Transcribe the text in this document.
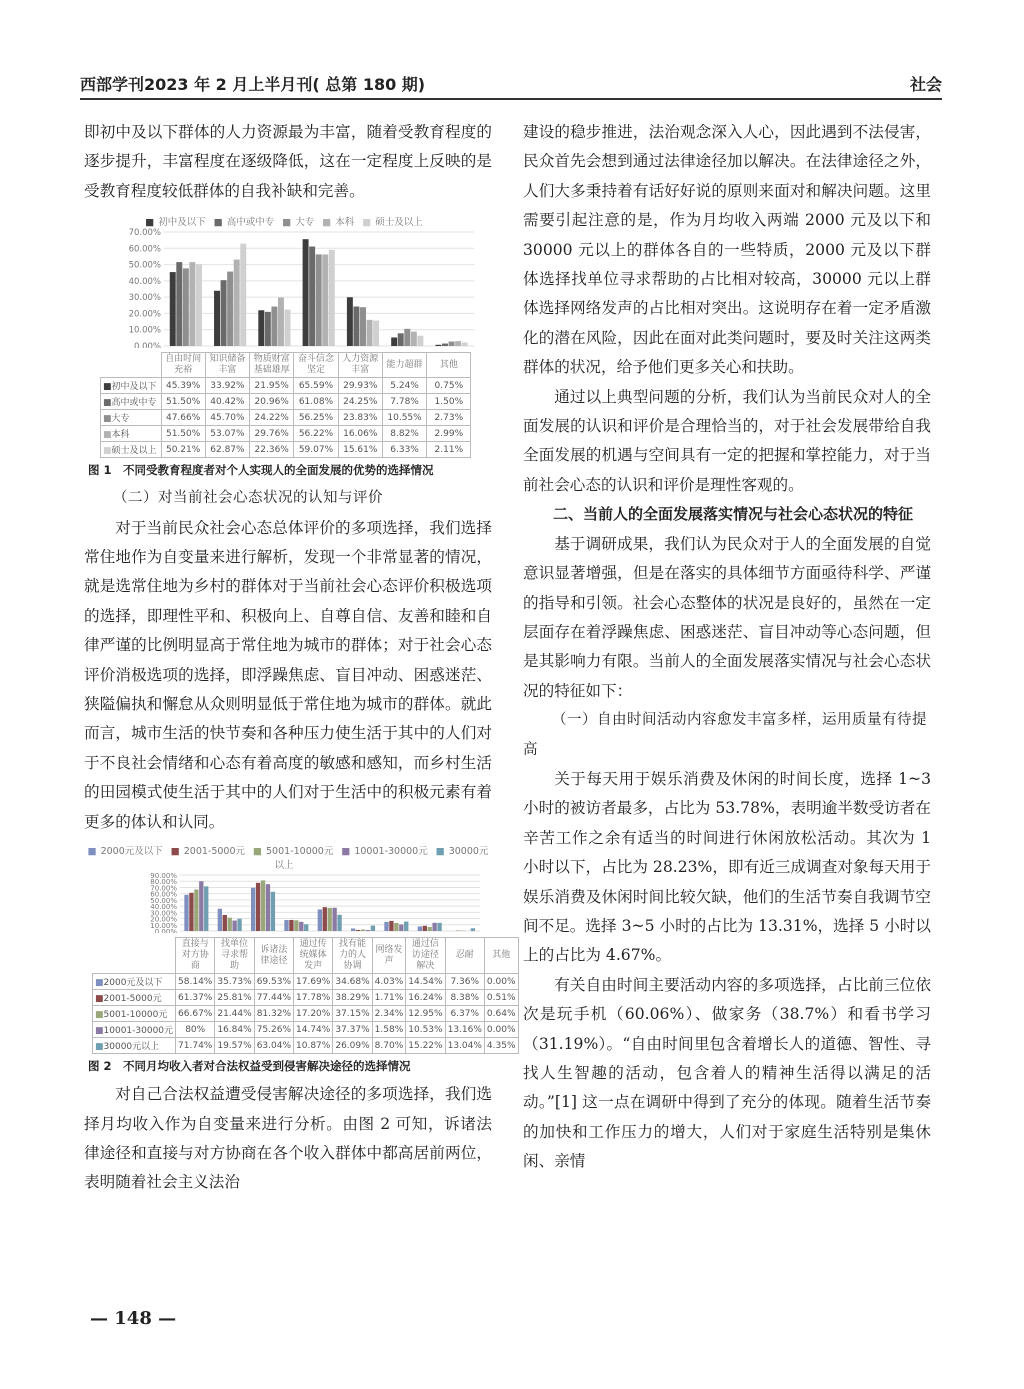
西部学刊2023 年 2 月上半月刊( 总第 180 期)	社会

即初中及以下群体的人力资源最为丰富，随着受教育程度的逐步提升，丰富程度在逐级降低，这在一定程度上反映的是受教育程度较低群体的自我补缺和完善。

■ 初中及以下 ■ 高中或中专 ■ 大专 ■ 本科 ■ 硕士及以上
0.00%
10.00%
20.00%
30.00%
40.00%
50.00%
60.00%
70.00%
	自由时间充裕	知识储备丰富	物质财富基础雄厚	奋斗信念坚定	人力资源丰富	能力超群	其他
■初中及以下	45.39%	33.92%	21.95%	65.59%	29.93%	5.24%	0.75%
■高中或中专	51.50%	40.42%	20.96%	61.08%	24.25%	7.78%	1.50%
■大专	47.66%	45.70%	24.22%	56.25%	23.83%	10.55%	2.73%
■本科	51.50%	53.07%	29.76%	56.22%	16.06%	8.82%	2.99%
■硕士及以上	50.21%	62.87%	22.36%	59.07%	15.61%	6.33%	2.11%
图 1　不同受教育程度者对个人实现人的全面发展的优势的选择情况

（二）对当前社会心态状况的认知与评价

对于当前民众社会心态总体评价的多项选择，我们选择常住地作为自变量来进行解析，发现一个非常显著的情况，就是选常住地为乡村的群体对于当前社会心态评价积极选项的选择，即理性平和、积极向上、自尊自信、友善和睦和自律严谨的比例明显高于常住地为城市的群体；对于社会心态评价消极选项的选择，即浮躁焦虑、盲目冲动、困惑迷茫、狭隘偏执和懈怠从众则明显低于常住地为城市的群体。就此而言，城市生活的快节奏和各种压力使生活于其中的人们对于不良社会情绪和心态有着高度的敏感和感知，而乡村生活的田园模式使生活于其中的人们对于生活中的积极元素有着更多的体认和认同。

■ 2000元及以下 ■ 2001-5000元 ■ 5001-10000元 ■ 10001-30000元 ■ 30000元以上
0.00%
10.00%
20.00%
30.00%
40.00%
50.00%
60.00%
70.00%
80.00%
90.00%
	直接与对方协商	找单位寻求帮助	诉诸法律途径	通过传统媒体发声	找有能力的人协调	网络发声	通过信访途径解决	忍耐	其他
■2000元及以下	58.14%	35.73%	69.53%	17.69%	34.68%	4.03%	14.54%	7.36%	0.00%
■2001-5000元	61.37%	25.81%	77.44%	17.78%	38.29%	1.71%	16.24%	8.38%	0.51%
■5001-10000元	66.67%	21.44%	81.32%	17.20%	37.15%	2.34%	12.95%	6.37%	0.64%
■10001-30000元	80%	16.84%	75.26%	14.74%	37.37%	1.58%	10.53%	13.16%	0.00%
■30000元以上	71.74%	19.57%	63.04%	10.87%	26.09%	8.70%	15.22%	13.04%	4.35%
图 2　不同月均收入者对合法权益受到侵害解决途径的选择情况

对自己合法权益遭受侵害解决途径的多项选择，我们选择月均收入作为自变量来进行分析。由图 2 可知，诉诸法律途径和直接与对方协商在各个收入群体中都高居前两位，表明随着社会主义法治

建设的稳步推进，法治观念深入人心，因此遇到不法侵害，民众首先会想到通过法律途径加以解决。在法律途径之外，人们大多秉持着有话好好说的原则来面对和解决问题。这里需要引起注意的是，作为月均收入两端 2000 元及以下和 30000 元以上的群体各自的一些特质，2000 元及以下群体选择找单位寻求帮助的占比相对较高，30000 元以上群体选择网络发声的占比相对突出。这说明存在着一定矛盾激化的潜在风险，因此在面对此类问题时，要及时关注这两类群体的状况，给予他们更多关心和扶助。

通过以上典型问题的分析，我们认为当前民众对人的全面发展的认识和评价是合理恰当的，对于社会发展带给自我全面发展的机遇与空间具有一定的把握和掌控能力，对于当前社会心态的认识和评价是理性客观的。

二、当前人的全面发展落实情况与社会心态状况的特征

基于调研成果，我们认为民众对于人的全面发展的自觉意识显著增强，但是在落实的具体细节方面亟待科学、严谨的指导和引领。社会心态整体的状况是良好的，虽然在一定层面存在着浮躁焦虑、困惑迷茫、盲目冲动等心态问题，但是其影响力有限。当前人的全面发展落实情况与社会心态状况的特征如下：

（一）自由时间活动内容愈发丰富多样，运用质量有待提高

关于每天用于娱乐消费及休闲的时间长度，选择 1~3 小时的被访者最多，占比为 53.78%，表明逾半数受访者在辛苦工作之余有适当的时间进行休闲放松活动。其次为 1 小时以下，占比为 28.23%，即有近三成调查对象每天用于娱乐消费及休闲时间比较欠缺，他们的生活节奏自我调节空间不足。选择 3~5 小时的占比为 13.31%，选择 5 小时以上的占比为 4.67%。

有关自由时间主要活动内容的多项选择，占比前三位依次是玩手机（60.06%）、做家务（38.7%）和看书学习（31.19%）。“自由时间里包含着增长人的道德、智性、寻找人生智趣的活动，包含着人的精神生活得以满足的活动。”[1] 这一点在调研中得到了充分的体现。随着生活节奏的加快和工作压力的增大，人们对于家庭生活特别是集休闲、亲情

— 148 —
